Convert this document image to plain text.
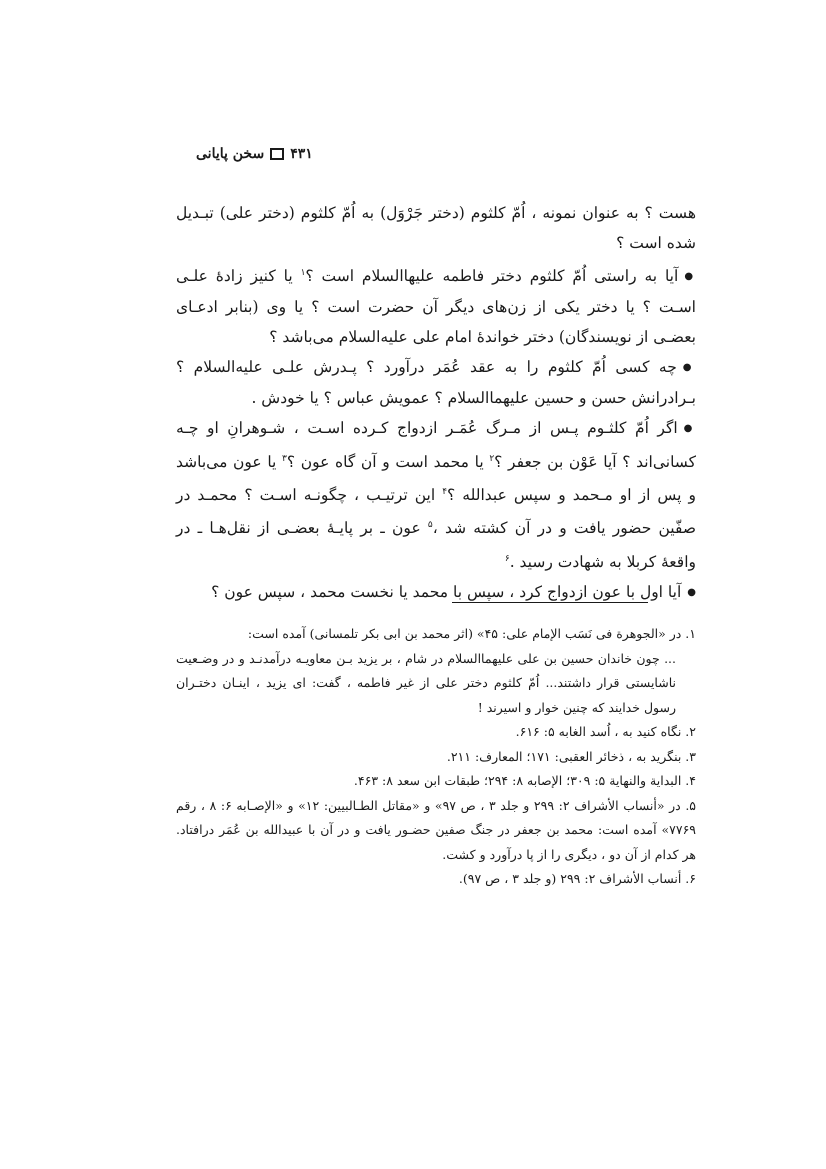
سخن پایانی ۴۳۱

هست ؟ به عنوان نمونه ، اُمّ کلثوم (دختر جَرْوَل) به اُمّ کلثوم (دختر علی) تبـدیل شده است ؟

● آیا به راستی اُمّ کلثوم دختر فاطمه عليها‌السلام است ؟$^١$ یا کنیز زادهٔ علـی اسـت ؟ یا دختر یکی از زن‌های دیگر آن حضرت است ؟ یا وی (بنابر ادعـای بعضـی از نویسندگان) دختر خواندهٔ امام علی عليه‌السلام می‌باشد ؟

● چه کسی اُمّ کلثوم را به عقد عُمَر درآورد ؟ پـدرش علـی عليه‌السلام ؟ بـرادرانش حسن و حسین عليهما‌السلام ؟ عمویش عباس ؟ یا خودش .

● اگر اُمّ کلثـوم پـس از مـرگ عُمَـر ازدواج کـرده اسـت ، شـوهرانِ او چـه کسانی‌اند ؟ آیا عَوْن بن جعفر ؟$^٢$ یا محمد است و آن گاه عون ؟$^٣$ یا عون می‌باشد و پس از او مـحمد و سپس عبدالله ؟$^۴$ این ترتیـب ، چگونـه اسـت ؟ محمـد در صفّین حضور یافت و در آن کشته شد ،$^۵$ عون ـ بر پایـهٔ بعضـی از نقل‌هـا ـ در واقعهٔ کربلا به شهادت رسید .$^۶$

● آیا اول با عون ازدواج کرد ، سپس با محمد یا نخست محمد ، سپس عون ؟

١. در «الجوهرة فی نَسَب الإمام علی: ۴۵» (اثر محمد بن ابی بکر تلمسانی) آمده است:

... چون خاندان حسین بن علی عليهما‌السلام در شام ، بر یزید بـن معاویـه درآمدنـد و در وضـعیت ناشایستی قرار داشتند... اُمّ کلثوم دختر علی از غیر فاطمه ، گفت: ای یزید ، اینـان دختـران رسول خدایند که چنین خوار و اسیرند !

٢. نگاه کنید به ، اُسد الغابه ۵: ۶۱۶.

٣. بنگرید به ، ذخائر العقبی: ١٧١؛ المعارف: ٢١١.

۴. البدایة والنهایة ۵: ٣٠٩؛ الإصابه ٨: ٢٩۴؛ طبقات ابن سعد ٨: ۴۶٣.

۵. در «أنساب الأشراف ٢: ٢٩٩ و جلد ٣ ، ص ٩٧» و «مقاتل الطـالبیین: ١٢» و «الإصـابه ۶: ٨ ، رقم ٧٧۶٩» آمده است: محمد بن جعفر در جنگ صفین حضـور یافت و در آن با عبیدالله بن عُمَر درافتاد. هر کدام از آن دو ، دیگری را از پا درآورد و کشت.

۶. أنساب الأشراف ٢: ٢٩٩ (و جلد ٣ ، ص ٩٧).
